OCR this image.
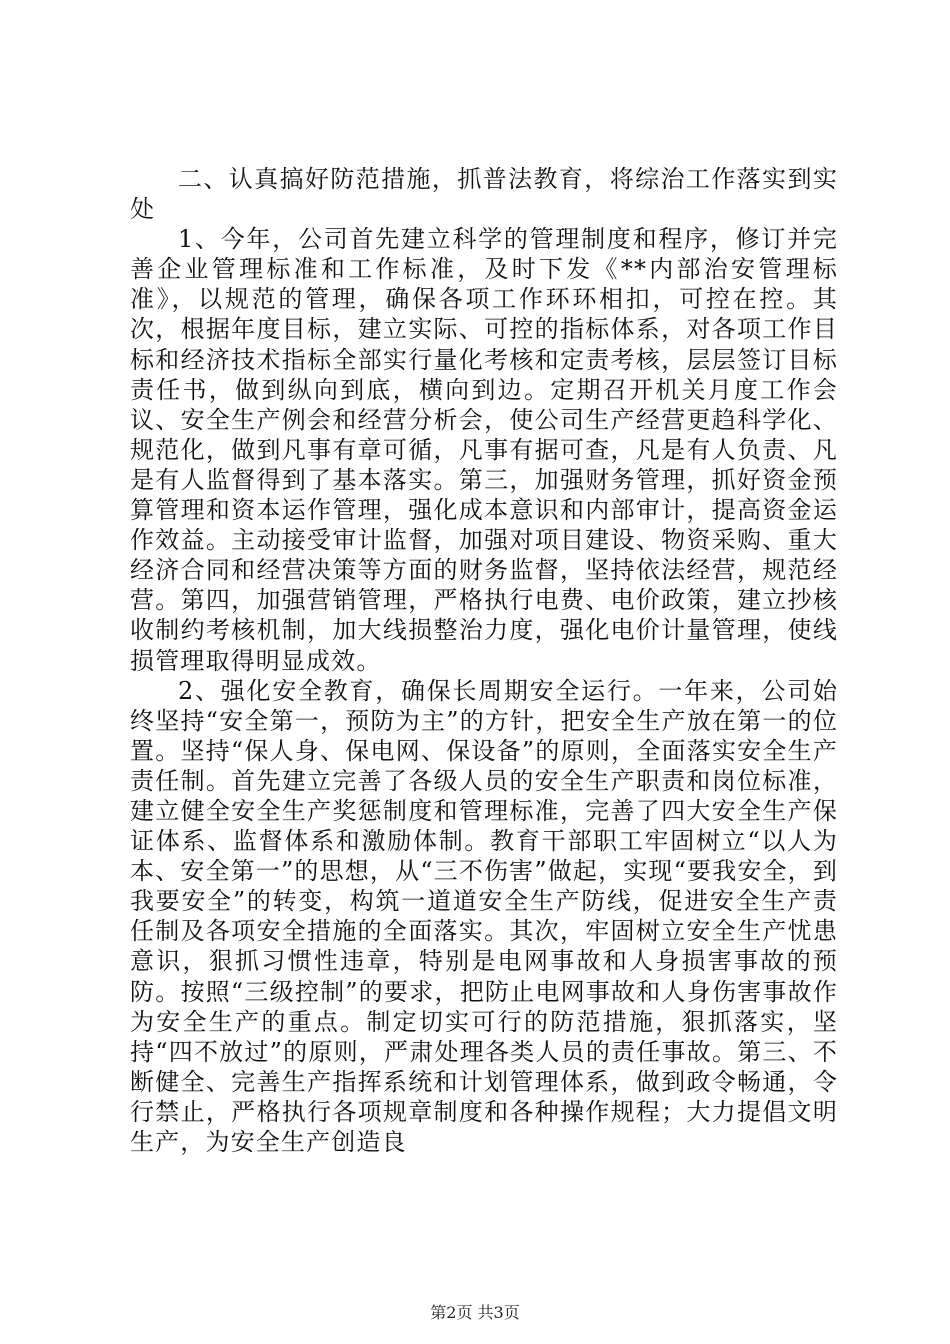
二、认真搞好防范措施，抓普法教育，将综治工作落实到实处

1、今年，公司首先建立科学的管理制度和程序，修订并完善企业管理标准和工作标准，及时下发《**内部治安管理标准》，以规范的管理，确保各项工作环环相扣，可控在控。其次，根据年度目标，建立实际、可控的指标体系，对各项工作目标和经济技术指标全部实行量化考核和定责考核，层层签订目标责任书，做到纵向到底，横向到边。定期召开机关月度工作会议、安全生产例会和经营分析会，使公司生产经营更趋科学化、规范化，做到凡事有章可循，凡事有据可查，凡是有人负责、凡是有人监督得到了基本落实。第三，加强财务管理，抓好资金预算管理和资本运作管理，强化成本意识和内部审计，提高资金运作效益。主动接受审计监督，加强对项目建设、物资采购、重大经济合同和经营决策等方面的财务监督，坚持依法经营，规范经营。第四，加强营销管理，严格执行电费、电价政策，建立抄核收制约考核机制，加大线损整治力度，强化电价计量管理，使线损管理取得明显成效。

2、强化安全教育，确保长周期安全运行。一年来，公司始终坚持“安全第一，预防为主”的方针，把安全生产放在第一的位置。坚持“保人身、保电网、保设备”的原则，全面落实安全生产责任制。首先建立完善了各级人员的安全生产职责和岗位标准，建立健全安全生产奖惩制度和管理标准，完善了四大安全生产保证体系、监督体系和激励体制。教育干部职工牢固树立“以人为本、安全第一”的思想，从“三不伤害”做起，实现“要我安全，到我要安全”的转变，构筑一道道安全生产防线，促进安全生产责任制及各项安全措施的全面落实。其次，牢固树立安全生产忧患意识，狠抓习惯性违章，特别是电网事故和人身损害事故的预防。按照“三级控制”的要求，把防止电网事故和人身伤害事故作为安全生产的重点。制定切实可行的防范措施，狠抓落实，坚持“四不放过”的原则，严肃处理各类人员的责任事故。第三、不断健全、完善生产指挥系统和计划管理体系，做到政令畅通，令行禁止，严格执行各项规章制度和各种操作规程；大力提倡文明生产，为安全生产创造良

第2页 共3页
